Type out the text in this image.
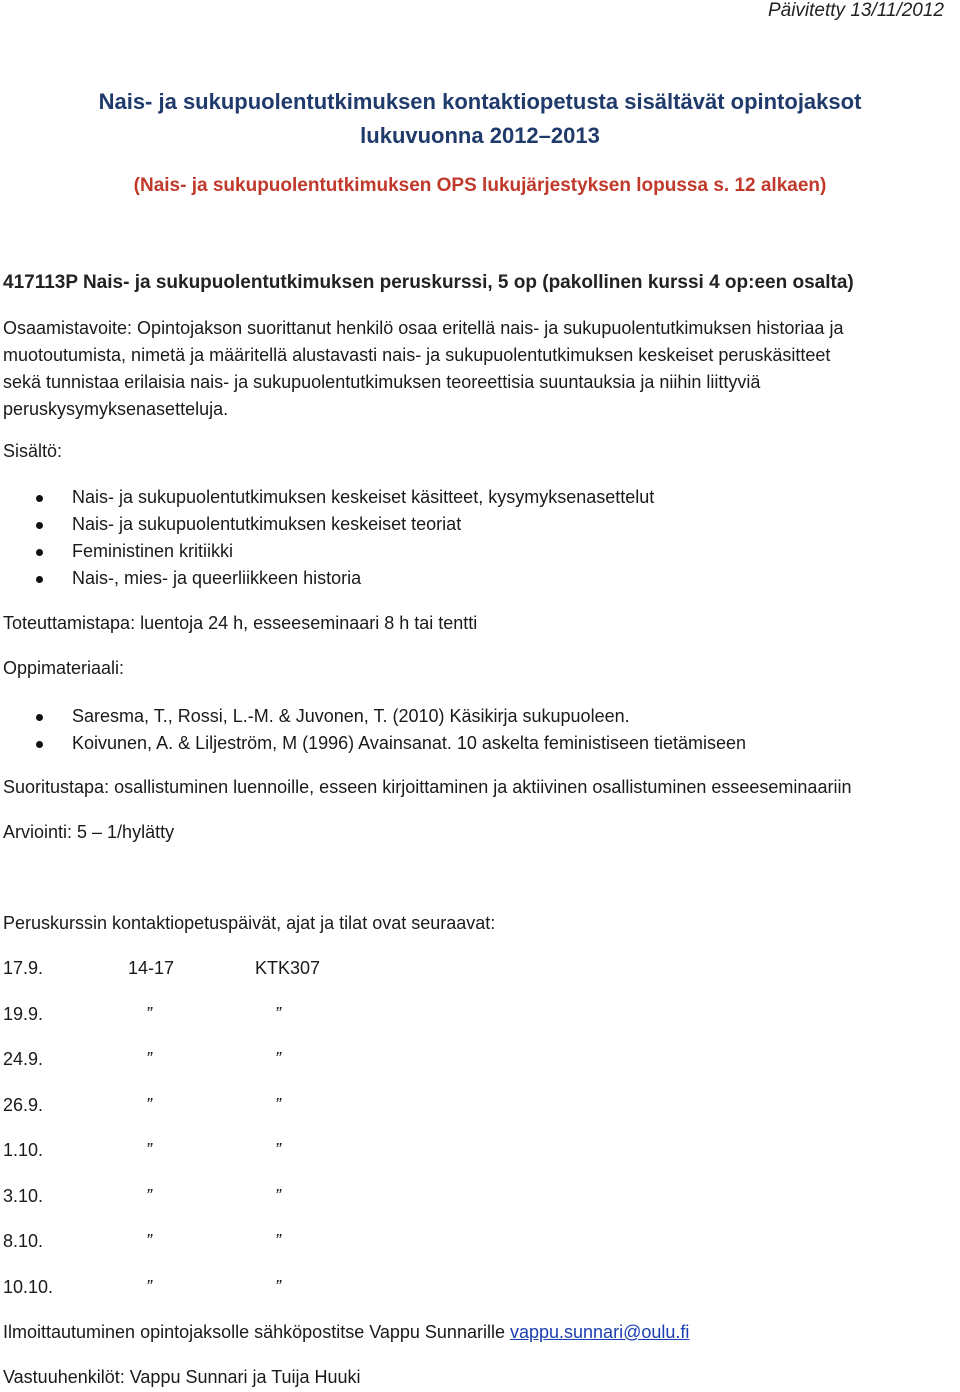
Päivitetty 13/11/2012
Nais- ja sukupuolentutkimuksen kontaktiopetusta sisältävät opintojaksot
lukuvuonna 2012–2013
(Nais- ja sukupuolentutkimuksen OPS lukujärjestyksen lopussa s. 12 alkaen)
417113P Nais- ja sukupuolentutkimuksen peruskurssi, 5 op (pakollinen kurssi 4 op:een osalta)
Osaamistavoite: Opintojakson suorittanut henkilö osaa eritellä nais- ja sukupuolentutkimuksen historiaa ja
muotoutumista, nimetä ja määritellä alustavasti nais- ja sukupuolentutkimuksen keskeiset peruskäsitteet
sekä tunnistaa erilaisia nais- ja sukupuolentutkimuksen teoreettisia suuntauksia ja niihin liittyviä
peruskysymyksenasetteluja.
Sisältö:
Nais- ja sukupuolentutkimuksen keskeiset käsitteet, kysymyksenasettelut
Nais- ja sukupuolentutkimuksen keskeiset teoriat
Feministinen kritiikki
Nais-, mies- ja queerliikkeen historia
Toteuttamistapa: luentoja 24 h, esseeseminaari 8 h tai tentti
Oppimateriaali:
Saresma, T., Rossi, L.-M. & Juvonen, T. (2010) Käsikirja sukupuoleen.
Koivunen, A. & Liljeström, M (1996) Avainsanat. 10 askelta feministiseen tietämiseen
Suoritustapa: osallistuminen luennoille, esseen kirjoittaminen ja aktiivinen osallistuminen esseeseminaariin
Arviointi: 5 – 1/hylätty
Peruskurssin kontaktiopetuspäivät, ajat ja tilat ovat seuraavat:
17.9.	14-17	KTK307
19.9.	”	”
24.9.	”	”
26.9.	”	”
1.10.	”	”
3.10.	”	”
8.10.	”	”
10.10.	”	”
Ilmoittautuminen opintojaksolle sähköpostitse Vappu Sunnarille vappu.sunnari@oulu.fi
Vastuuhenkilöt: Vappu Sunnari ja Tuija Huuki
